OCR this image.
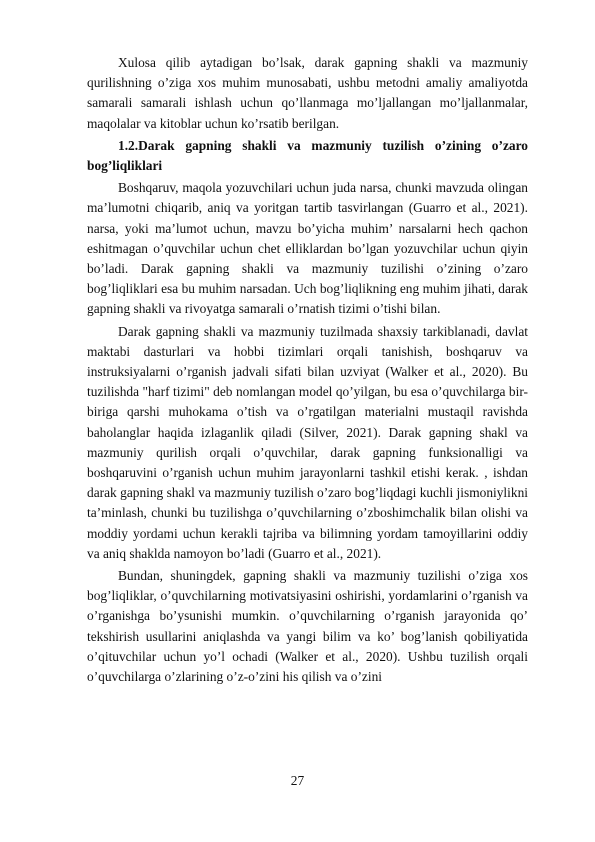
Xulosa qilib aytadigan bo’lsak, darak gapning shakli va mazmuniy qurilishning o’ziga xos muhim munosabati, ushbu metodni amaliy amaliyotda samarali samarali ishlash uchun qo’llanmaga mo’ljallangan mo’ljallanmalar, maqolalar va kitoblar uchun ko’rsatib berilgan.

1.2.Darak gapning shakli va mazmuniy tuzilish o’zining o’zaro bog’liqliklari

Boshqaruv, maqola yozuvchilari uchun juda narsa, chunki mavzuda olingan ma’lumotni chiqarib, aniq va yoritgan tartib tasvirlangan (Guarro et al., 2021). narsa, yoki ma’lumot uchun, mavzu bo’yicha muhim’ narsalarni hech qachon eshitmagan o’quvchilar uchun chet elliklardan bo’lgan yozuvchilar uchun qiyin bo’ladi. Darak gapning shakli va mazmuniy tuzilishi o’zining o’zaro bog’liqliklari esa bu muhim narsadan. Uch bog’liqlikning eng muhim jihati, darak gapning shakli va rivoyatga samarali o’rnatish tizimi o’tishi bilan.

Darak gapning shakli va mazmuniy tuzilmada shaxsiy tarkiblanadi, davlat maktabi dasturlari va hobbi tizimlari orqali tanishish, boshqaruv va instruksiyalarni o’rganish jadvali sifati bilan uzviyat (Walker et al., 2020). Bu tuzilishda "harf tizimi" deb nomlangan model qo’yilgan, bu esa o’quvchilarga bir-biriga qarshi muhokama o’tish va o’rgatilgan materialni mustaqil ravishda baholanglar haqida izlaganlik qiladi (Silver, 2021). Darak gapning shakl va mazmuniy qurilish orqali o’quvchilar, darak gapning funksionalligi va boshqaruvini o’rganish uchun muhim jarayonlarni tashkil etishi kerak. , ishdan darak gapning shakl va mazmuniy tuzilish o’zaro bog’liqdagi kuchli jismoniylikni ta’minlash, chunki bu tuzilishga o’quvchilarning o’zboshimchalik bilan olishi va moddiy yordami uchun kerakli tajriba va bilimning yordam tamoyillarini oddiy va aniq shaklda namoyon bo’ladi (Guarro et al., 2021).

Bundan, shuningdek, gapning shakli va mazmuniy tuzilishi o’ziga xos bog’liqliklar, o’quvchilarning motivatsiyasini oshirishi, yordamlarini o’rganish va o’rganishga bo’ysunishi mumkin. o’quvchilarning o’rganish jarayonida qo’ tekshirish usullarini aniqlashda va yangi bilim va ko’ bog’lanish qobiliyatida o’qituvchilar uchun yo’l ochadi (Walker et al., 2020). Ushbu tuzilish orqali o’quvchilarga o’zlarining o’z-o’zini his qilish va o’zini

27
